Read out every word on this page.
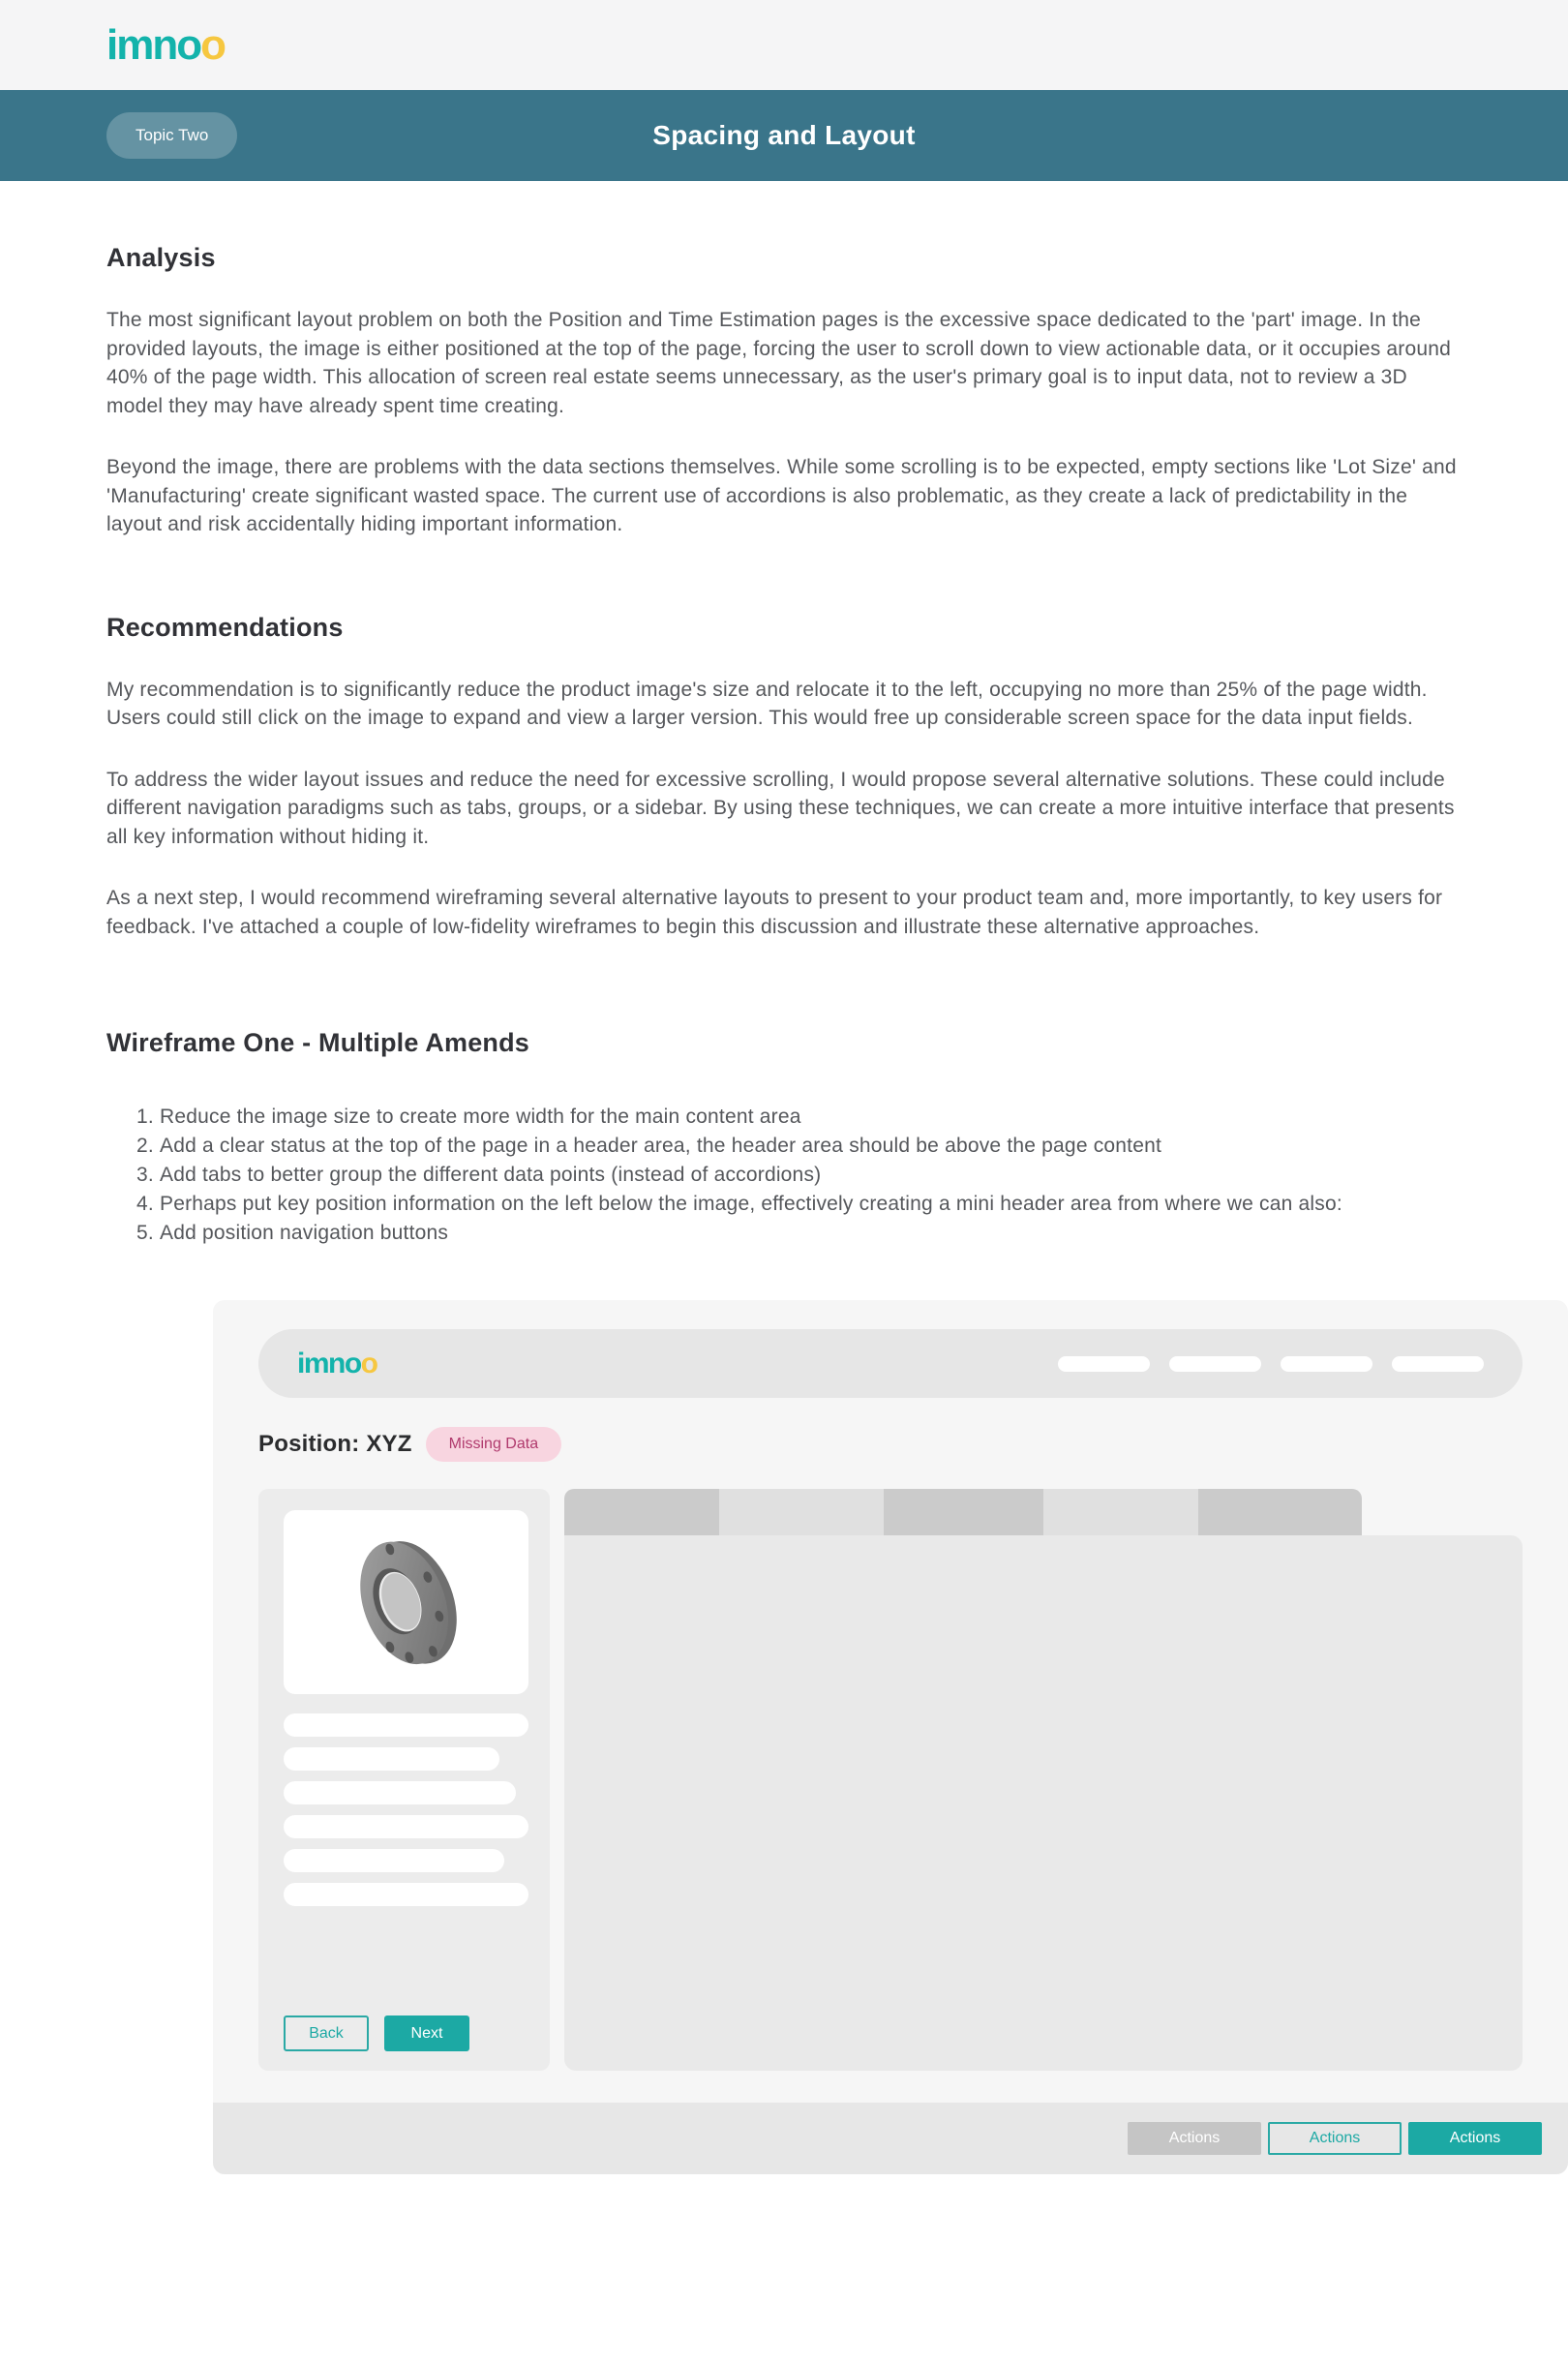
imnoo
Spacing and Layout
Topic Two
Analysis

The most significant layout problem on both the Position and Time Estimation pages is the excessive space dedicated to the 'part' image. In the provided layouts, the image is either positioned at the top of the page, forcing the user to scroll down to view actionable data, or it occupies around 40% of the page width. This allocation of screen real estate seems unnecessary, as the user's primary goal is to input data, not to review a 3D model they may have already spent time creating.

Beyond the image, there are problems with the data sections themselves. While some scrolling is to be expected, empty sections like 'Lot Size' and 'Manufacturing' create significant wasted space. The current use of accordions is also problematic, as they create a lack of predictability in the layout and risk accidentally hiding important information.

Recommendations

My recommendation is to significantly reduce the product image's size and relocate it to the left, occupying no more than 25% of the page width. Users could still click on the image to expand and view a larger version. This would free up considerable screen space for the data input fields.

To address the wider layout issues and reduce the need for excessive scrolling, I would propose several alternative solutions. These could include different navigation paradigms such as tabs, groups, or a sidebar. By using these techniques, we can create a more intuitive interface that presents all key information without hiding it.

As a next step, I would recommend wireframing several alternative layouts to present to your product team and, more importantly, to key users for feedback. I've attached a couple of low-fidelity wireframes to begin this discussion and illustrate these alternative approaches.

Wireframe One - Multiple Amends
1. Reduce the image size to create more width for the main content area
2. Add a clear status at the top of the page in a header area, the header area should be above the page content
3. Add tabs to better group the different data points (instead of accordions)
4. Perhaps put key position information on the left below the image, effectively creating a mini header area from where we can also:
5. Add position navigation buttons
imnoo
Position: XYZ	Missing Data
Back	Next
Actions	Actions	Actions
